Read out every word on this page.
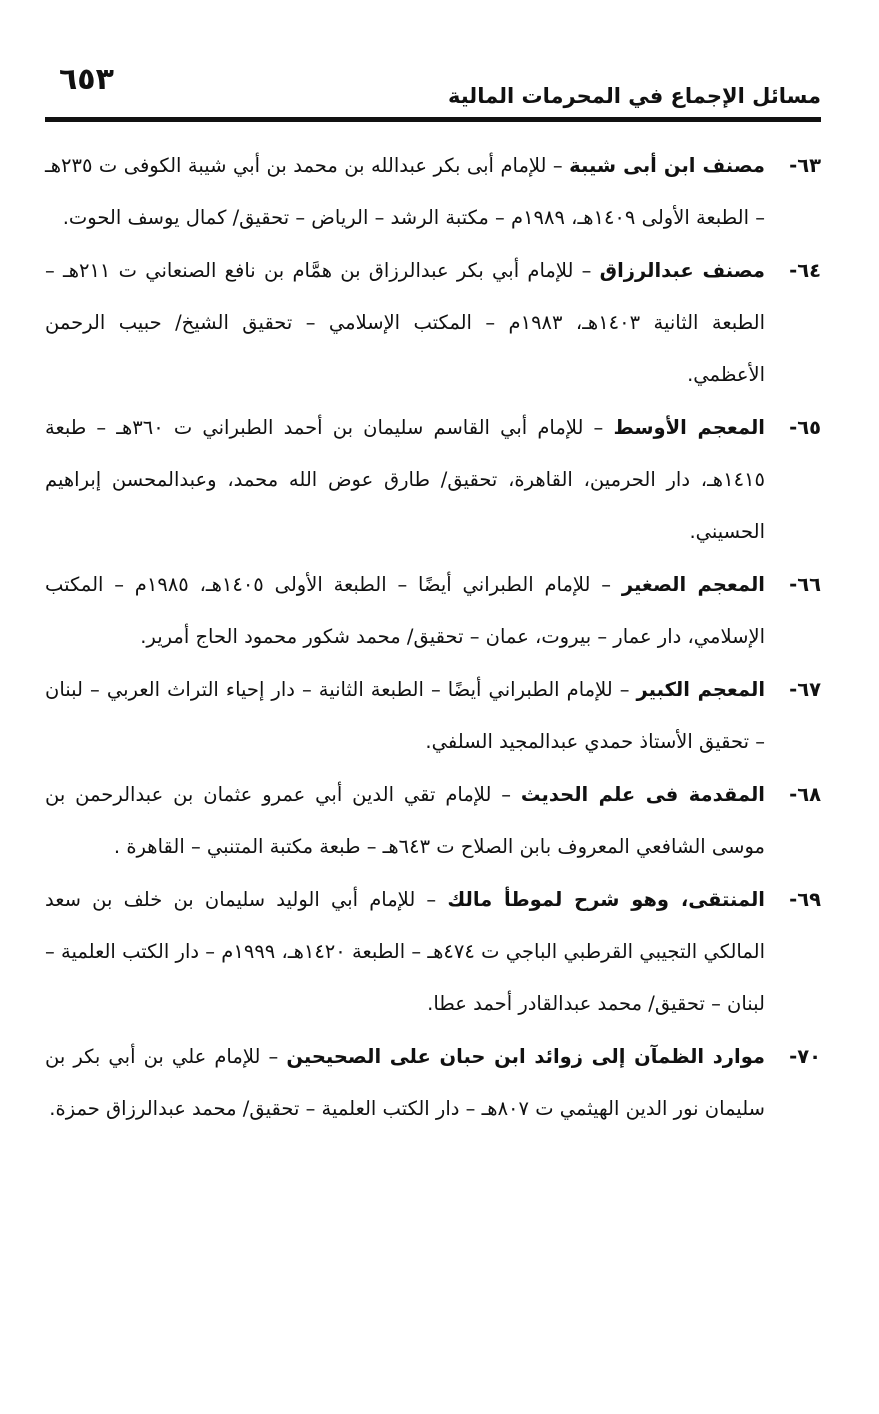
مسائل الإجماع في المحرمات المالية
٦٥٣
٦٣-
مصنف ابن أبى شيبة – للإمام أبى بكر عبدالله بن محمد بن أبي شيبة الكوفى ت ٢٣٥هـ – الطبعة الأولى ١٤٠٩هـ، ١٩٨٩م – مكتبة الرشد – الرياض – تحقيق/ كمال يوسف الحوت.
٦٤-
مصنف عبدالرزاق – للإمام أبي بكر عبدالرزاق بن همَّام بن نافع الصنعاني ت ٢١١هـ – الطبعة الثانية ١٤٠٣هـ، ١٩٨٣م – المكتب الإسلامي – تحقيق الشيخ/ حبيب الرحمن الأعظمي.
٦٥-
المعجم الأوسط – للإمام أبي القاسم سليمان بن أحمد الطبراني ت ٣٦٠هـ – طبعة ١٤١٥هـ، دار الحرمين، القاهرة، تحقيق/ طارق عوض الله محمد، وعبدالمحسن إبراهيم الحسيني.
٦٦-
المعجم الصغير – للإمام الطبراني أيضًا – الطبعة الأولى ١٤٠٥هـ، ١٩٨٥م – المكتب الإسلامي، دار عمار – بيروت، عمان – تحقيق/ محمد شكور محمود الحاج أمرير.
٦٧-
المعجم الكبير – للإمام الطبراني أيضًا – الطبعة الثانية – دار إحياء التراث العربي – لبنان – تحقيق الأستاذ حمدي عبدالمجيد السلفي.
٦٨-
المقدمة فى علم الحديث – للإمام تقي الدين أبي عمرو عثمان بن عبدالرحمن بن موسى الشافعي المعروف بابن الصلاح ت ٦٤٣هـ – طبعة مكتبة المتنبي – القاهرة .
٦٩-
المنتقى، وهو شرح لموطأ مالك – للإمام أبي الوليد سليمان بن خلف بن سعد المالكي التجيبي القرطبي الباجي ت ٤٧٤هـ – الطبعة ١٤٢٠هـ، ١٩٩٩م – دار الكتب العلمية – لبنان – تحقيق/ محمد عبدالقادر أحمد عطا.
٧٠-
موارد الظمآن إلى زوائد ابن حبان على الصحيحين – للإمام علي بن أبي بكر بن سليمان نور الدين الهيثمي ت ٨٠٧هـ – دار الكتب العلمية – تحقيق/ محمد عبدالرزاق حمزة.
